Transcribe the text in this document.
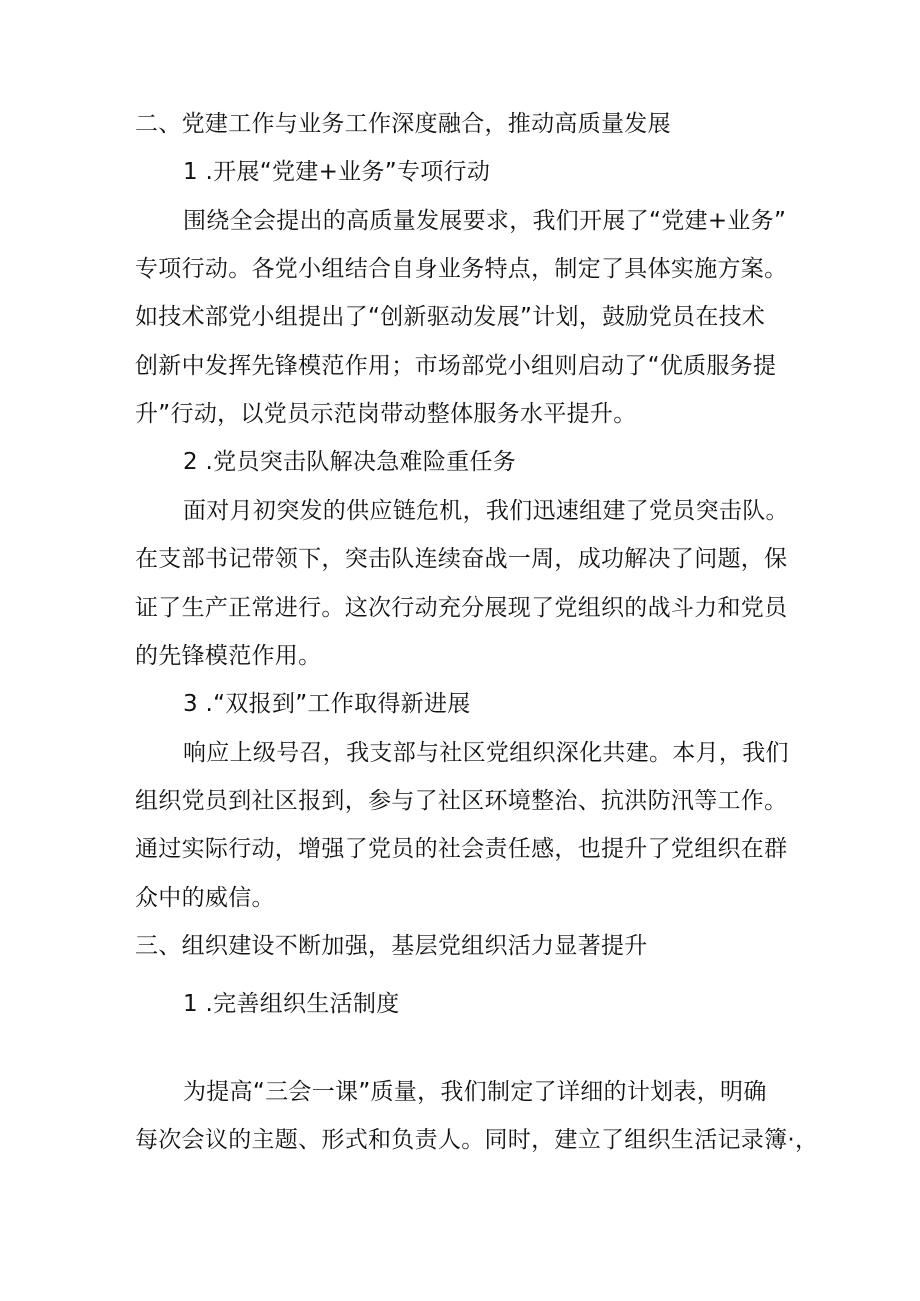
二、党建工作与业务工作深度融合，推动高质量发展
1 .开展“党建+业务”专项行动
围绕全会提出的高质量发展要求，我们开展了“党建+业务”
专项行动。各党小组结合自身业务特点，制定了具体实施方案。
如技术部党小组提出了“创新驱动发展”计划，鼓励党员在技术
创新中发挥先锋模范作用；市场部党小组则启动了“优质服务提
升”行动，以党员示范岗带动整体服务水平提升。
2 .党员突击队解决急难险重任务
面对月初突发的供应链危机，我们迅速组建了党员突击队。
在支部书记带领下，突击队连续奋战一周，成功解决了问题，保
证了生产正常进行。这次行动充分展现了党组织的战斗力和党员
的先锋模范作用。
3 .“双报到”工作取得新进展
响应上级号召，我支部与社区党组织深化共建。本月，我们
组织党员到社区报到，参与了社区环境整治、抗洪防汛等工作。
通过实际行动，增强了党员的社会责任感，也提升了党组织在群
众中的威信。
三、组织建设不断加强，基层党组织活力显著提升
1 .完善组织生活制度
为提高“三会一课”质量，我们制定了详细的计划表，明确
每次会议的主题、形式和负责人。同时，建立了组织生活记录簿·，
